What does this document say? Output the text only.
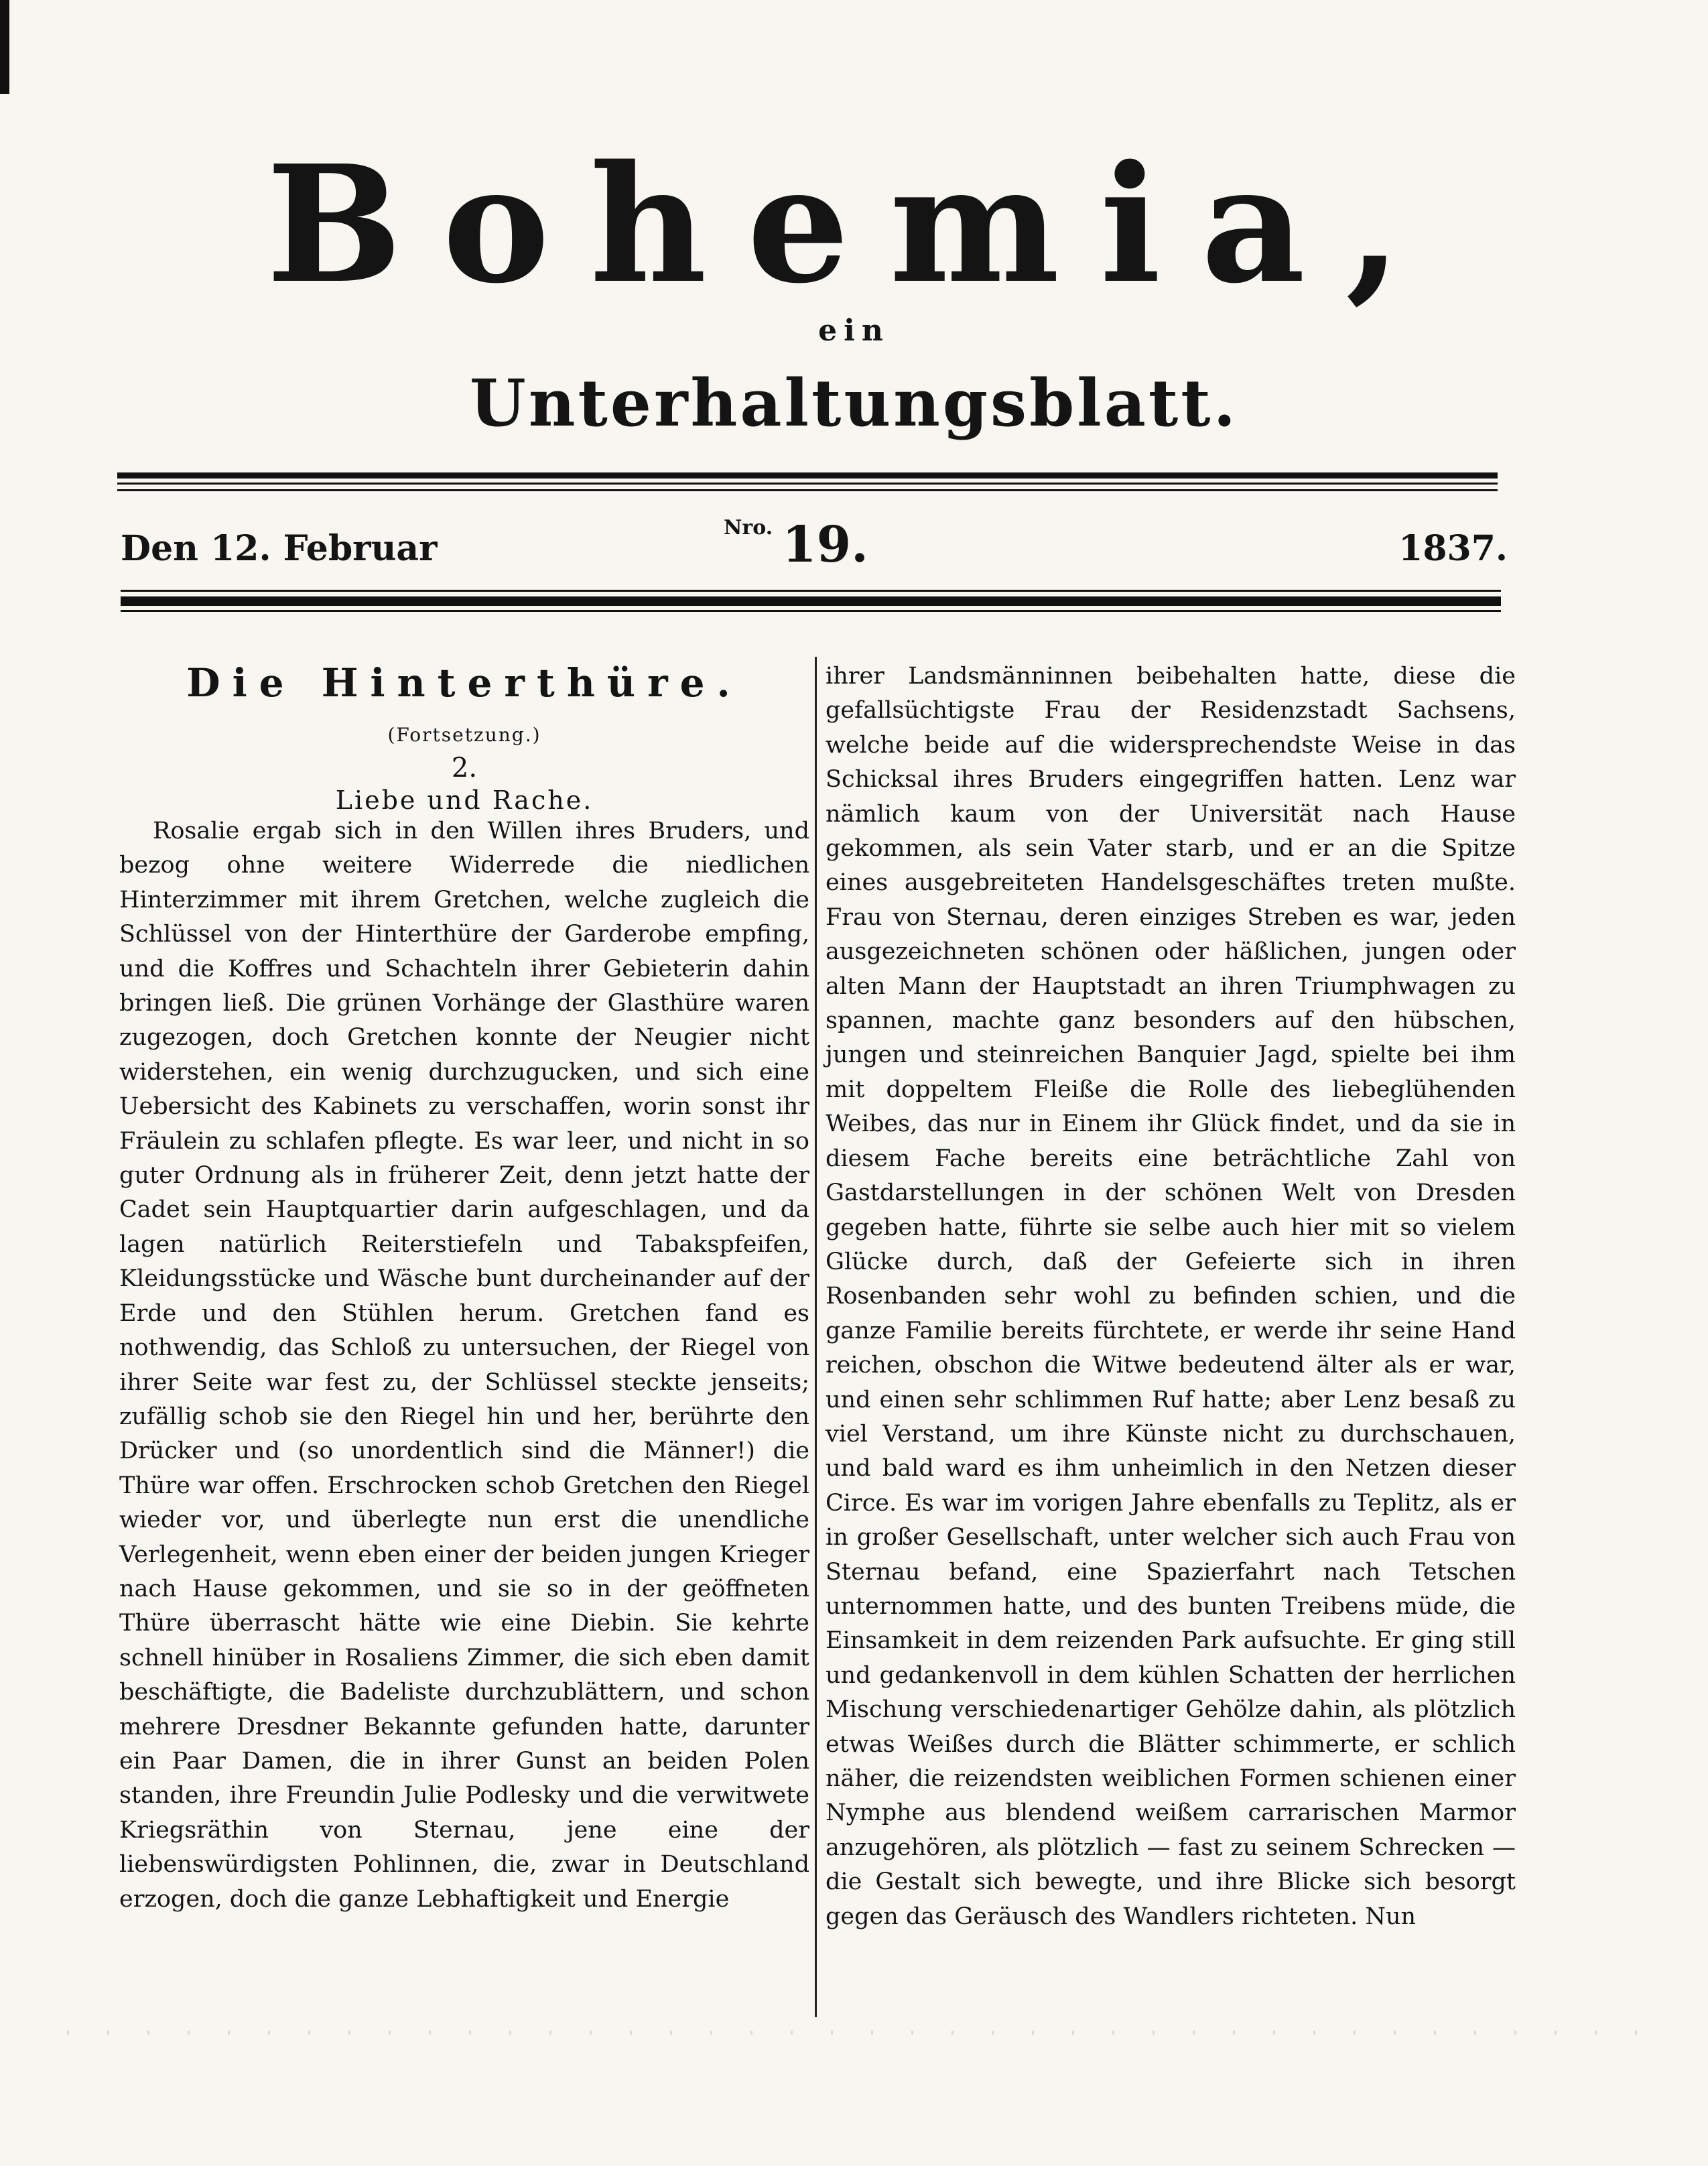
Bohemia,
ein
Unterhaltungsblatt.
Den 12. Februar
$^{Nro.}$ 19.	1837.
Die Hinterthüre.
(Fortsetzung.)
2.
Liebe und Rache.

Rosalie ergab sich in den Willen ihres Bruders, und bezog ohne weitere Widerrede die niedlichen Hinterzimmer mit ihrem Gretchen, welche zugleich die Schlüssel von der Hinterthüre der Garderobe empfing, und die Koffres und Schachteln ihrer Gebieterin dahin bringen ließ. Die grünen Vorhänge der Glasthüre waren zugezogen, doch Gretchen konnte der Neugier nicht widerstehen, ein wenig durchzugucken, und sich eine Uebersicht des Kabinets zu verschaffen, worin sonst ihr Fräulein zu schlafen pflegte. Es war leer, und nicht in so guter Ordnung als in früherer Zeit, denn jetzt hatte der Cadet sein Hauptquartier darin aufgeschlagen, und da lagen natürlich Reiterstiefeln und Tabakspfeifen, Kleidungsstücke und Wäsche bunt durcheinander auf der Erde und den Stühlen herum. Gretchen fand es nothwendig, das Schloß zu untersuchen, der Riegel von ihrer Seite war fest zu, der Schlüssel steckte jenseits; zufällig schob sie den Riegel hin und her, berührte den Drücker und (so unordentlich sind die Männer!) die Thüre war offen. Erschrocken schob Gretchen den Riegel wieder vor, und überlegte nun erst die unendliche Verlegenheit, wenn eben einer der beiden jungen Krieger nach Hause gekommen, und sie so in der geöffneten Thüre überrascht hätte wie eine Diebin. Sie kehrte schnell hinüber in Rosaliens Zimmer, die sich eben damit beschäftigte, die Badeliste durchzublättern, und schon mehrere Dresdner Bekannte gefunden hatte, darunter ein Paar Damen, die in ihrer Gunst an beiden Polen standen, ihre Freundin Julie Podlesky und die verwitwete Kriegsräthin von Sternau, jene eine der liebenswürdigsten Pohlinnen, die, zwar in Deutschland erzogen, doch die ganze Lebhaftigkeit und Energie

ihrer Landsmänninnen beibehalten hatte, diese die gefallsüchtigste Frau der Residenzstadt Sachsens, welche beide auf die widersprechendste Weise in das Schicksal ihres Bruders eingegriffen hatten. Lenz war nämlich kaum von der Universität nach Hause gekommen, als sein Vater starb, und er an die Spitze eines ausgebreiteten Handelsgeschäftes treten mußte. Frau von Sternau, deren einziges Streben es war, jeden ausgezeichneten schönen oder häßlichen, jungen oder alten Mann der Hauptstadt an ihren Triumphwagen zu spannen, machte ganz besonders auf den hübschen, jungen und steinreichen Banquier Jagd, spielte bei ihm mit doppeltem Fleiße die Rolle des liebeglühenden Weibes, das nur in Einem ihr Glück findet, und da sie in diesem Fache bereits eine beträchtliche Zahl von Gastdarstellungen in der schönen Welt von Dresden gegeben hatte, führte sie selbe auch hier mit so vielem Glücke durch, daß der Gefeierte sich in ihren Rosenbanden sehr wohl zu befinden schien, und die ganze Familie bereits fürchtete, er werde ihr seine Hand reichen, obschon die Witwe bedeutend älter als er war, und einen sehr schlimmen Ruf hatte; aber Lenz besaß zu viel Verstand, um ihre Künste nicht zu durchschauen, und bald ward es ihm unheimlich in den Netzen dieser Circe. Es war im vorigen Jahre ebenfalls zu Teplitz, als er in großer Gesellschaft, unter welcher sich auch Frau von Sternau befand, eine Spazierfahrt nach Tetschen unternommen hatte, und des bunten Treibens müde, die Einsamkeit in dem reizenden Park aufsuchte. Er ging still und gedankenvoll in dem kühlen Schatten der herrlichen Mischung verschiedenartiger Gehölze dahin, als plötzlich etwas Weißes durch die Blätter schimmerte, er schlich näher, die reizendsten weiblichen Formen schienen einer Nymphe aus blendend weißem carrarischen Marmor anzugehören, als plötzlich — fast zu seinem Schrecken — die Gestalt sich bewegte, und ihre Blicke sich besorgt gegen das Geräusch des Wandlers richteten. Nun
